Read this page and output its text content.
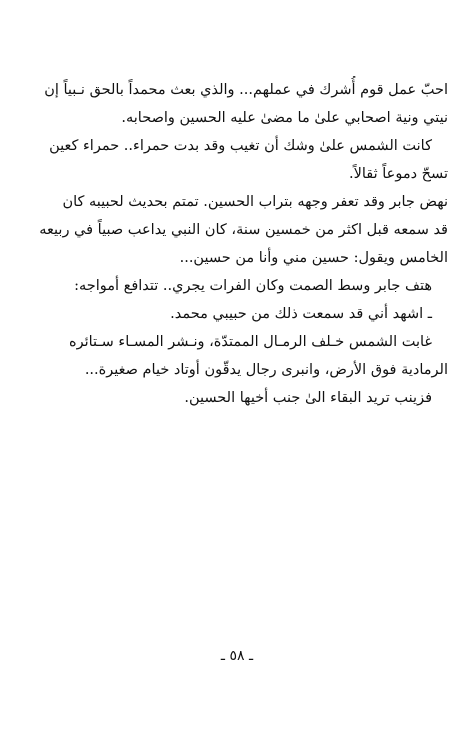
احبّ عمل قوم أُشرك في عملهم... والذي بعث محمداً بالحق نـبياً إن
نيتي ونية اصحابي علىٰ ما مضىٰ عليه الحسين واصحابه.
كانت الشمس علىٰ وشك أن تغيب وقد بدت حمراء.. حمراء كعين
تسحّ دموعاً ثقالاً.
نهض جابر وقد تعفر وجهه بتراب الحسين. تمتم بحديث لحبيبه كان
قد سمعه قبل اكثر من خمسين سنة، كان النبي يداعب صبياً في ربيعه
الخامس ويقول: حسين مني وأنا من حسين...
هتف جابر وسط الصمت وكان الفرات يجري.. تتدافع أمواجه:
ـ اشهد أني قد سمعت ذلك من حبيبي محمد.
غابت الشمس خـلف الرمـال الممتدّة، ونـشر المسـاء سـتائره
الرمادية فوق الأرض، وانبرى رجال يدقّون أوتاد خيام صغيرة...
فزينب تريد البقاء الىٰ جنب أخيها الحسين.
ـ ٥٨ ـ
